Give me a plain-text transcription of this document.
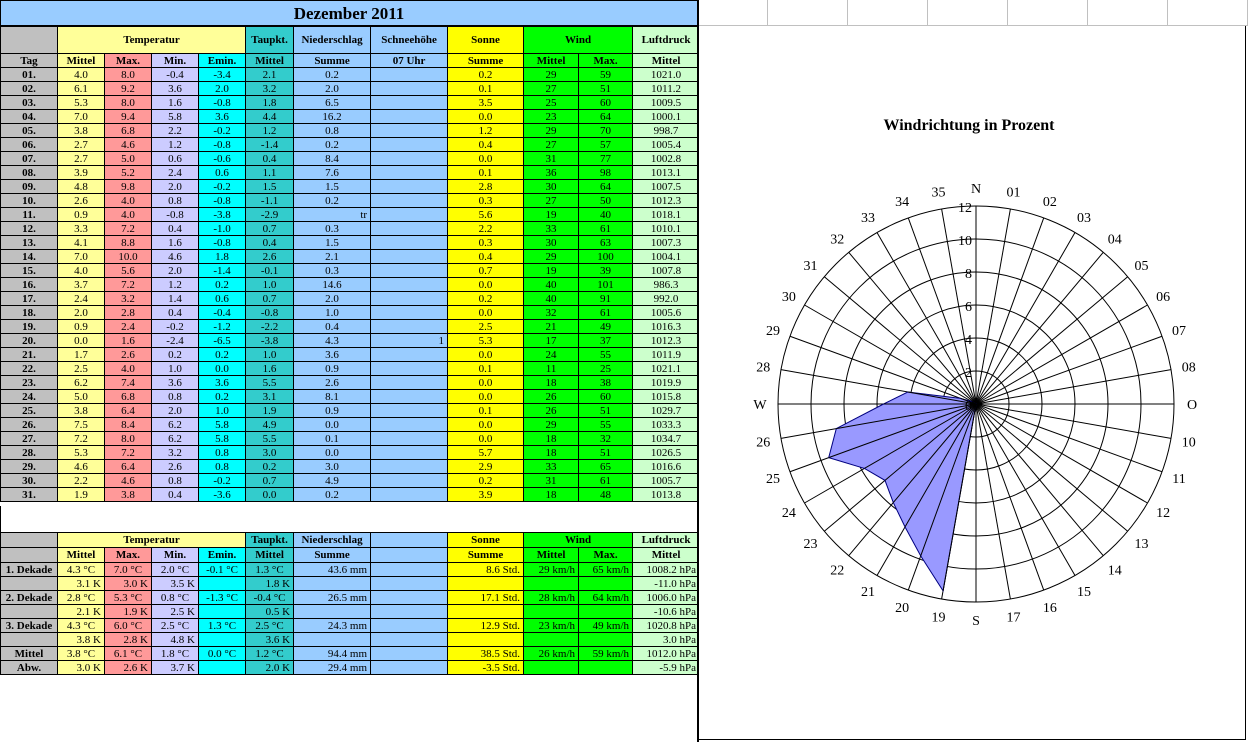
Dezember 2011
	Temperatur				Taupkt.	Niederschlag	Schneehöhe	Sonne	Wind		Luftdruck
Tag	Mittel	Max.	Min.	Emin.	Mittel	Summe	07 Uhr	Summe	Mittel	Max.	Mittel
01.	4.0	8.0	-0.4	-3.4	2.1	0.2		0.2	29	59	1021.0
02.	6.1	9.2	3.6	2.0	3.2	2.0		0.1	27	51	1011.2
03.	5.3	8.0	1.6	-0.8	1.8	6.5		3.5	25	60	1009.5
04.	7.0	9.4	5.8	3.6	4.4	16.2		0.0	23	64	1000.1
05.	3.8	6.8	2.2	-0.2	1.2	0.8		1.2	29	70	998.7
06.	2.7	4.6	1.2	-0.8	-1.4	0.2		0.4	27	57	1005.4
07.	2.7	5.0	0.6	-0.6	0.4	8.4		0.0	31	77	1002.8
08.	3.9	5.2	2.4	0.6	1.1	7.6		0.1	36	98	1013.1
09.	4.8	9.8	2.0	-0.2	1.5	1.5		2.8	30	64	1007.5
10.	2.6	4.0	0.8	-0.8	-1.1	0.2		0.3	27	50	1012.3
11.	0.9	4.0	-0.8	-3.8	-2.9	tr		5.6	19	40	1018.1
12.	3.3	7.2	0.4	-1.0	0.7	0.3		2.2	33	61	1010.1
13.	4.1	8.8	1.6	-0.8	0.4	1.5		0.3	30	63	1007.3
14.	7.0	10.0	4.6	1.8	2.6	2.1		0.4	29	100	1004.1
15.	4.0	5.6	2.0	-1.4	-0.1	0.3		0.7	19	39	1007.8
16.	3.7	7.2	1.2	0.2	1.0	14.6		0.0	40	101	986.3
17.	2.4	3.2	1.4	0.6	0.7	2.0		0.2	40	91	992.0
18.	2.0	2.8	0.4	-0.4	-0.8	1.0		0.0	32	61	1005.6
19.	0.9	2.4	-0.2	-1.2	-2.2	0.4		2.5	21	49	1016.3
20.	0.0	1.6	-2.4	-6.5	-3.8	4.3	1	5.3	17	37	1012.3
21.	1.7	2.6	0.2	0.2	1.0	3.6		0.0	24	55	1011.9
22.	2.5	4.0	1.0	0.0	1.6	0.9		0.1	11	25	1021.1
23.	6.2	7.4	3.6	3.6	5.5	2.6		0.0	18	38	1019.9
24.	5.0	6.8	0.8	0.2	3.1	8.1		0.0	26	60	1015.8
25.	3.8	6.4	2.0	1.0	1.9	0.9		0.1	26	51	1029.7
26.	7.5	8.4	6.2	5.8	4.9	0.0		0.0	29	55	1033.3
27.	7.2	8.0	6.2	5.8	5.5	0.1		0.0	18	32	1034.7
28.	5.3	7.2	3.2	0.8	3.0	0.0		5.7	18	51	1026.5
29.	4.6	6.4	2.6	0.8	0.2	3.0		2.9	33	65	1016.6
30.	2.2	4.6	0.8	-0.2	0.7	4.9		0.2	31	61	1005.7
31.	1.9	3.8	0.4	-3.6	0.0	0.2		3.9	18	48	1013.8
	Temperatur				Taupkt.	Niederschlag		Sonne	Wind		Luftdruck
	Mittel	Max.	Min.	Emin.	Mittel	Summe		Summe	Mittel	Max.	Mittel
1. Dekade	4.3 °C	7.0 °C	2.0 °C	-0.1 °C	1.3 °C	43.6 mm		8.6 Std.	29 km/h	65 km/h	1008.2 hPa
	3.1 K	3.0 K	3.5 K		1.8 K						-11.0 hPa
2. Dekade	2.8 °C	5.3 °C	0.8 °C	-1.3 °C	-0.4 °C	26.5 mm		17.1 Std.	28 km/h	64 km/h	1006.0 hPa
	2.1 K	1.9 K	2.5 K		0.5 K						-10.6 hPa
3. Dekade	4.3 °C	6.0 °C	2.5 °C	1.3 °C	2.5 °C	24.3 mm		12.9 Std.	23 km/h	49 km/h	1020.8 hPa
	3.8 K	2.8 K	4.8 K		3.6 K						3.0 hPa
Mittel	3.8 °C	6.1 °C	1.8 °C	0.0 °C	1.2 °C	94.4 mm		38.5 Std.	26 km/h	59 km/h	1012.0 hPa
Abw.	3.0 K	2.6 K	3.7 K		2.0 K	29.4 mm		-3.5 Std.			-5.9 hPa
Windrichtung in Prozent
0
2
4
6
8
10
12
N 01
02
03
04
05
06
07
08
O
10
11
12
13
14
15
16
17
S
19
20
21
22
23
24
25
26
W
28
29
30
31
32
33
34
35
